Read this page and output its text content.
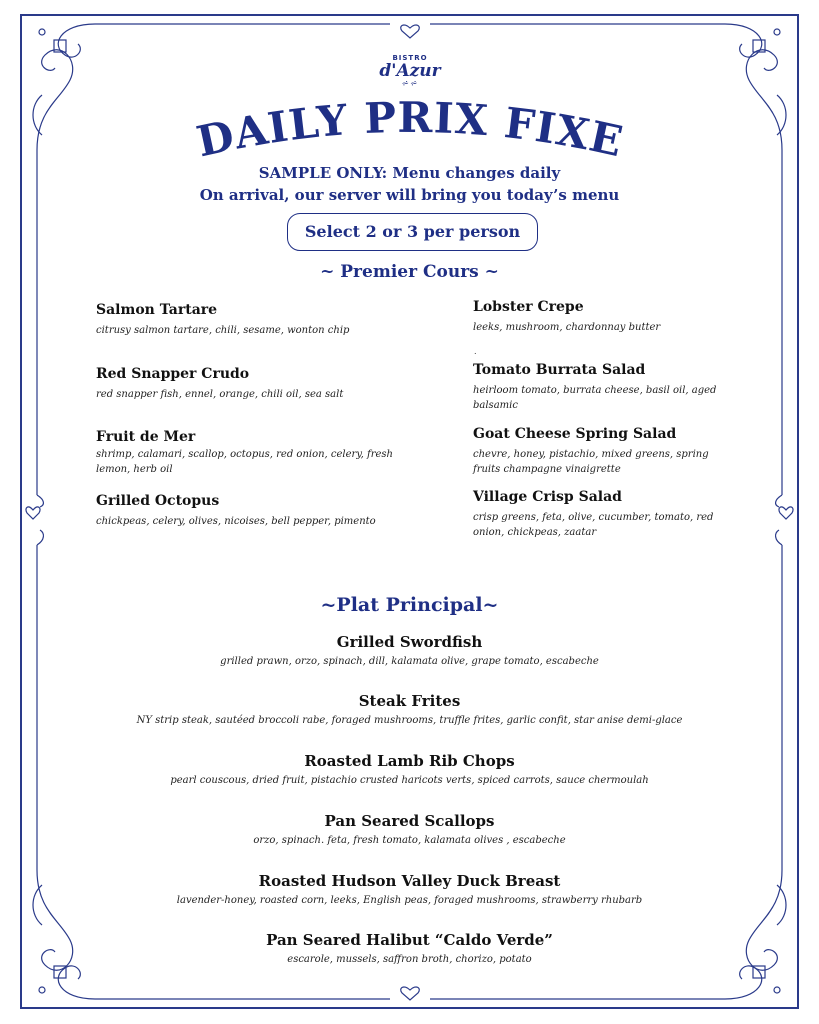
BISTRO
d'Azur
⩫⩫
DAILY PRIX FIXE
SAMPLE ONLY: Menu changes daily
On arrival, our server will bring you today’s menu
Select 2 or 3 per person
~ Premier Cours ~
Salmon Tartare
citrusy salmon tartare, chili, sesame, wonton chip
Red Snapper Crudo
red snapper fish, ennel, orange, chili oil, sea salt
Fruit de Mer
shrimp, calamari, scallop, octopus, red onion, celery, fresh lemon, herb oil
Grilled Octopus
chickpeas, celery, olives, nicoises, bell pepper, pimento
Lobster Crepe
leeks, mushroom, chardonnay butter
.
Tomato Burrata Salad
heirloom tomato, burrata cheese, basil oil, aged balsamic
Goat Cheese Spring Salad
chevre, honey, pistachio, mixed greens, spring fruits champagne vinaigrette
Village Crisp Salad
crisp greens, feta, olive, cucumber, tomato, red onion, chickpeas, zaatar
~Plat Principal~
Grilled Swordfish
grilled prawn, orzo, spinach, dill, kalamata olive, grape tomato, escabeche
Steak Frites
NY strip steak, sautéed broccoli rabe, foraged mushrooms, truffle frites, garlic confit, star anise demi-glace
Roasted Lamb Rib Chops
pearl couscous, dried fruit, pistachio crusted haricots verts, spiced carrots, sauce chermoulah
Pan Seared Scallops
orzo, spinach. feta, fresh tomato, kalamata olives , escabeche
Roasted Hudson Valley Duck Breast
lavender-honey, roasted corn, leeks, English peas, foraged mushrooms, strawberry rhubarb
Pan Seared Halibut “Caldo Verde”
escarole, mussels, saffron broth, chorizo, potato
